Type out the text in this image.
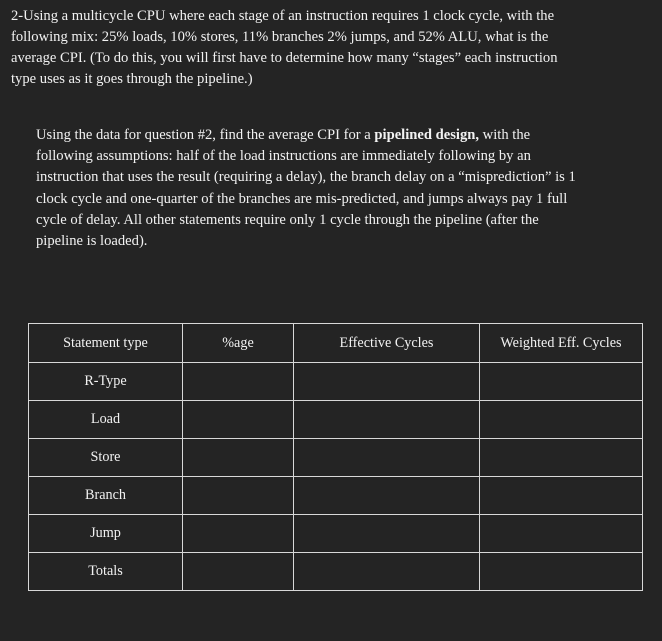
2-Using a multicycle CPU where each stage of an instruction requires 1 clock cycle, with the
following mix: 25% loads, 10% stores, 11% branches 2% jumps, and 52% ALU, what is the
average CPI. (To do this, you will first have to determine how many “stages” each instruction
type uses as it goes through the pipeline.)
Using the data for question #2, find the average CPI for a pipelined design, with the
following assumptions: half of the load instructions are immediately following by an
instruction that uses the result (requiring a delay), the branch delay on a “misprediction” is 1
clock cycle and one-quarter of the branches are mis-predicted, and jumps always pay 1 full
cycle of delay. All other statements require only 1 cycle through the pipeline (after the
pipeline is loaded).
Statement type	%age	Effective Cycles	Weighted Eff. Cycles
R-Type			
Load			
Store			
Branch			
Jump			
Totals			
